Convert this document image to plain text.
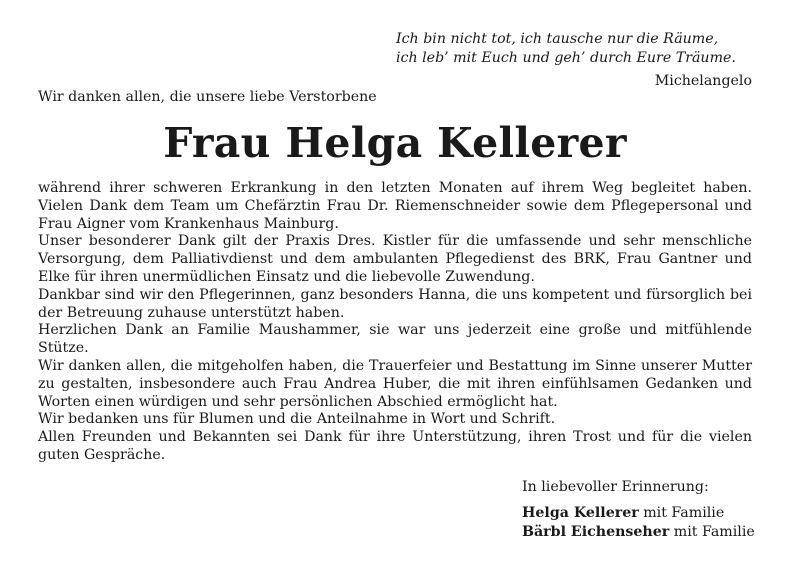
Ich bin nicht tot, ich tausche nur die Räume,
ich leb’ mit Euch und geh’ durch Eure Träume.
Michelangelo
Wir danken allen, die unsere liebe Verstorbene
Frau Helga Kellerer

während ihrer schweren Erkrankung in den letzten Monaten auf ihrem Weg begleitet haben. Vielen Dank dem Team um Chefärztin Frau Dr. Riemenschneider sowie dem Pflegepersonal und Frau Aigner vom Krankenhaus Mainburg.

Unser besonderer Dank gilt der Praxis Dres. Kistler für die umfassende und sehr menschliche Versorgung, dem Palliativdienst und dem ambulanten Pflegedienst des BRK, Frau Gantner und Elke für ihren unermüdlichen Einsatz und die liebevolle Zuwendung.

Dankbar sind wir den Pflegerinnen, ganz besonders Hanna, die uns kompetent und fürsorglich bei der Betreuung zuhause unterstützt haben.

Herzlichen Dank an Familie Maushammer, sie war uns jederzeit eine große und mitfühlende Stütze.

Wir danken allen, die mitgeholfen haben, die Trauerfeier und Bestattung im Sinne unserer Mutter zu gestalten, insbesondere auch Frau Andrea Huber, die mit ihren einfühlsamen Gedanken und Worten einen würdigen und sehr persönlichen Abschied ermöglicht hat.

Wir bedanken uns für Blumen und die Anteilnahme in Wort und Schrift.

Allen Freunden und Bekannten sei Dank für ihre Unterstützung, ihren Trost und für die vielen guten Gespräche.

In liebevoller Erinnerung:
Helga Kellerer mit Familie
Bärbl Eichenseher mit Familie
